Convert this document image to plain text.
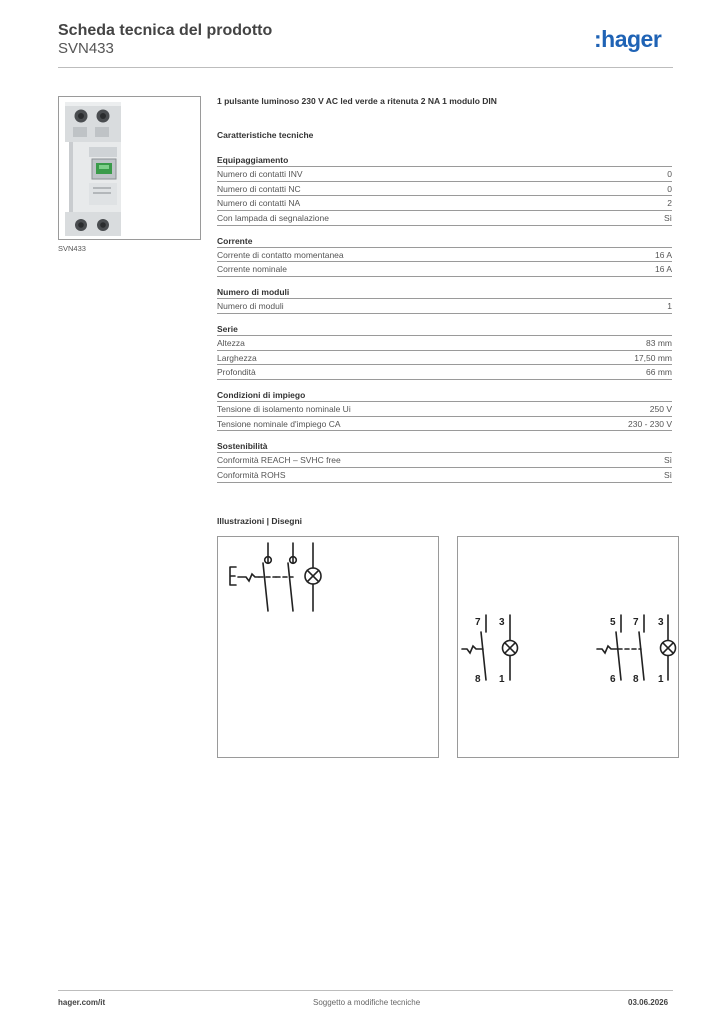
Scheda tecnica del prodotto
SVN433	:hager
SVN433
1 pulsante luminoso 230 V AC led verde a ritenuta 2 NA 1 modulo DIN
Caratteristiche tecniche
Equipaggiamento
Numero di contatti INV	0
Numero di contatti NC	0
Numero di contatti NA	2
Con lampada di segnalazione	Sì
Corrente
Corrente di contatto momentanea	16 A
Corrente nominale	16 A
Numero di moduli
Numero di moduli	1
Serie
Altezza	83 mm
Larghezza	17,50 mm
Profondità	66 mm
Condizioni di impiego
Tensione di isolamento nominale Ui	250 V
Tensione nominale d'impiego CA	230 - 230 V
Sostenibilità
Conformità REACH – SVHC free	Sì
Conformità ROHS	Sì
Illustrazioni | Disegni
7 3
8 1
5 7 3
6 8 1
hager.com/it	Soggetto a modifiche tecniche	03.06.2026
